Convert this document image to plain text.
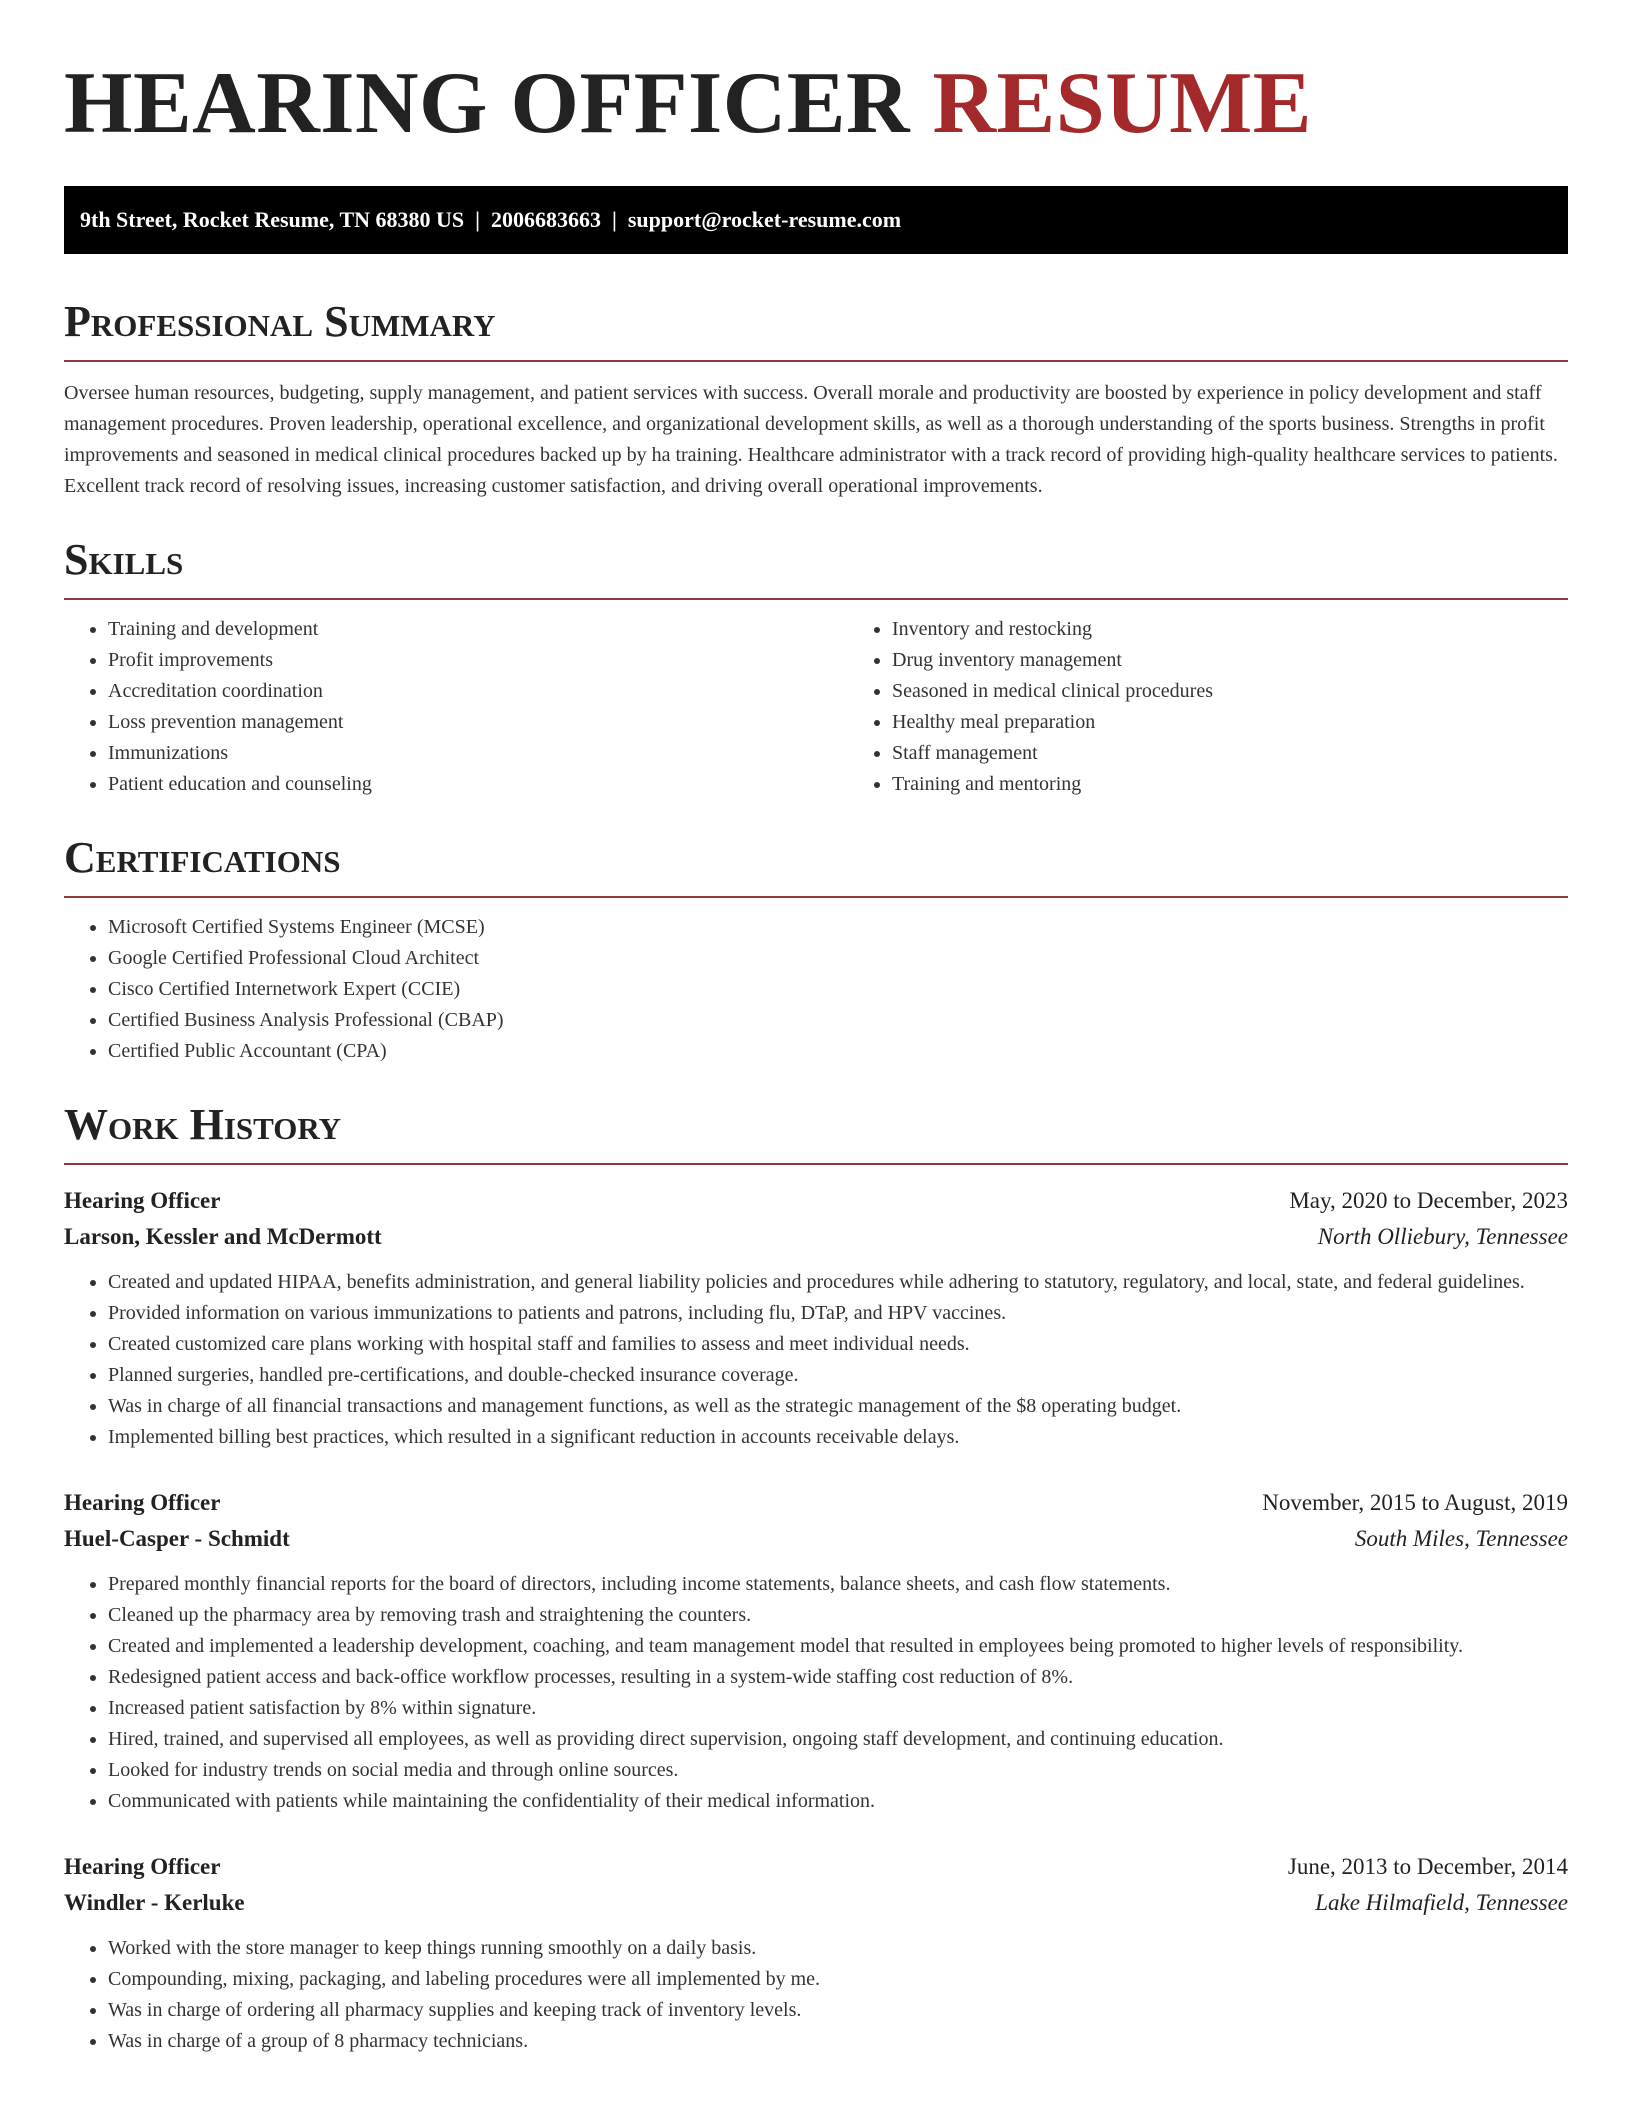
HEARING OFFICER RESUME
9th Street, Rocket Resume, TN 68380 US  |  2006683663  |  support@rocket-resume.com
Professional Summary
Oversee human resources, budgeting, supply management, and patient services with success. Overall morale and productivity are boosted by experience in policy development and staff management procedures. Proven leadership, operational excellence, and organizational development skills, as well as a thorough understanding of the sports business. Strengths in profit improvements and seasoned in medical clinical procedures backed up by ha training. Healthcare administrator with a track record of providing high-quality healthcare services to patients. Excellent track record of resolving issues, increasing customer satisfaction, and driving overall operational improvements.
Skills
• Training and development
• Profit improvements
• Accreditation coordination
• Loss prevention management
• Immunizations
• Patient education and counseling
• Inventory and restocking
• Drug inventory management
• Seasoned in medical clinical procedures
• Healthy meal preparation
• Staff management
• Training and mentoring
Certifications
• Microsoft Certified Systems Engineer (MCSE)
• Google Certified Professional Cloud Architect
• Cisco Certified Internetwork Expert (CCIE)
• Certified Business Analysis Professional (CBAP)
• Certified Public Accountant (CPA)
Work History
Hearing Officer	May, 2020 to December, 2023
Larson, Kessler and McDermott	North Olliebury, Tennessee
• Created and updated HIPAA, benefits administration, and general liability policies and procedures while adhering to statutory, regulatory, and local, state, and federal guidelines.
• Provided information on various immunizations to patients and patrons, including flu, DTaP, and HPV vaccines.
• Created customized care plans working with hospital staff and families to assess and meet individual needs.
• Planned surgeries, handled pre-certifications, and double-checked insurance coverage.
• Was in charge of all financial transactions and management functions, as well as the strategic management of the $8 operating budget.
• Implemented billing best practices, which resulted in a significant reduction in accounts receivable delays.
Hearing Officer	November, 2015 to August, 2019
Huel-Casper - Schmidt	South Miles, Tennessee
• Prepared monthly financial reports for the board of directors, including income statements, balance sheets, and cash flow statements.
• Cleaned up the pharmacy area by removing trash and straightening the counters.
• Created and implemented a leadership development, coaching, and team management model that resulted in employees being promoted to higher levels of responsibility.
• Redesigned patient access and back-office workflow processes, resulting in a system-wide staffing cost reduction of 8%.
• Increased patient satisfaction by 8% within signature.
• Hired, trained, and supervised all employees, as well as providing direct supervision, ongoing staff development, and continuing education.
• Looked for industry trends on social media and through online sources.
• Communicated with patients while maintaining the confidentiality of their medical information.
Hearing Officer	June, 2013 to December, 2014
Windler - Kerluke	Lake Hilmafield, Tennessee
• Worked with the store manager to keep things running smoothly on a daily basis.
• Compounding, mixing, packaging, and labeling procedures were all implemented by me.
• Was in charge of ordering all pharmacy supplies and keeping track of inventory levels.
• Was in charge of a group of 8 pharmacy technicians.
